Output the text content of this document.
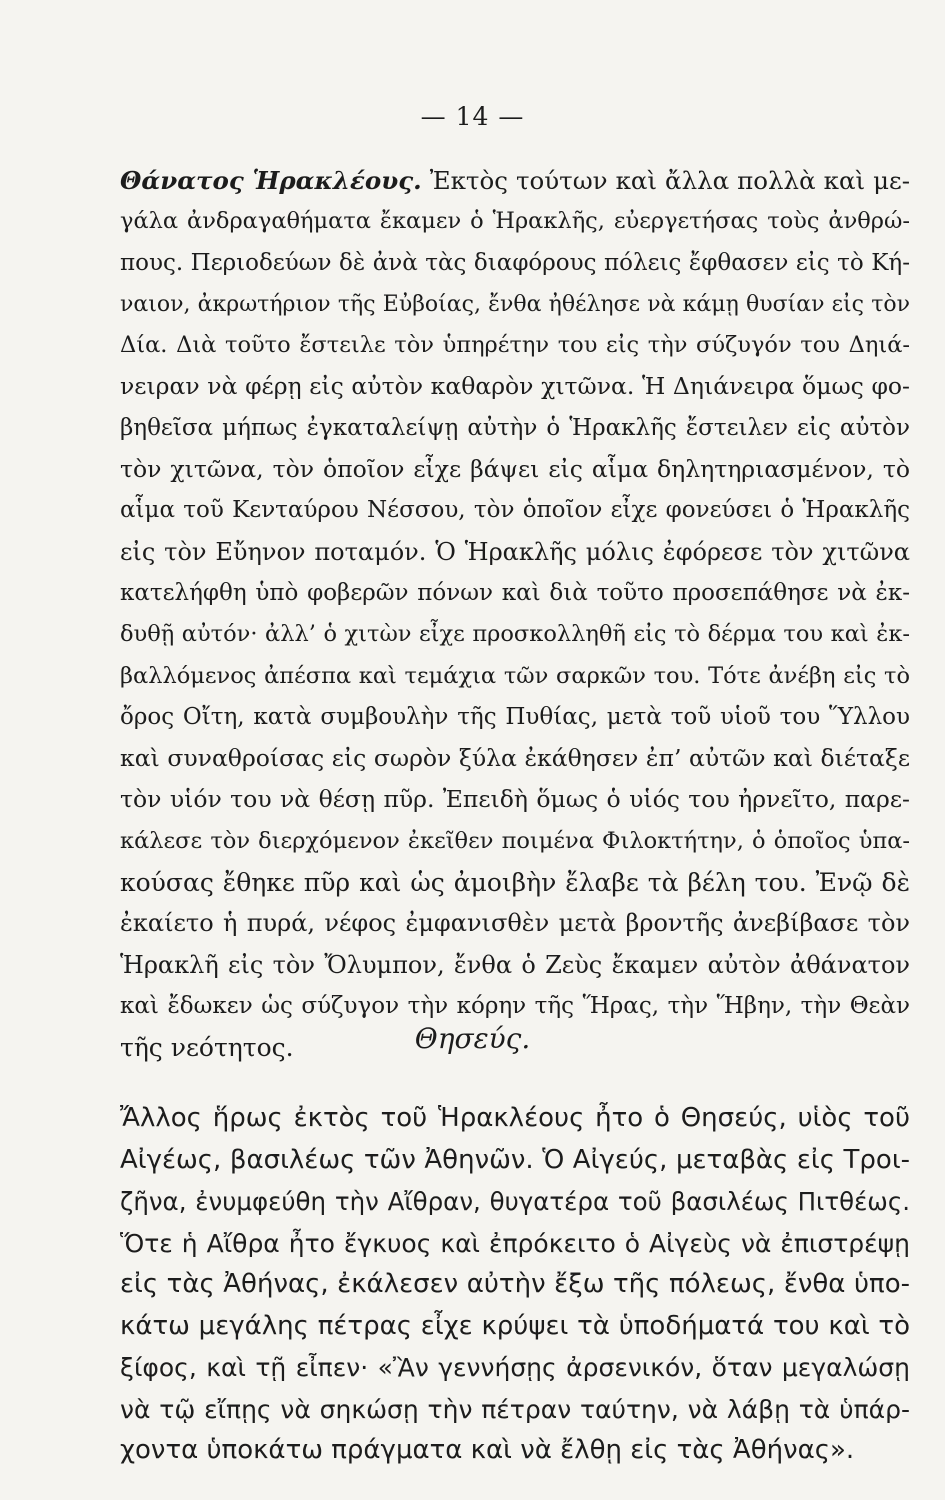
— 14 —
Θάνατος Ἡρακλέους. Ἐκτὸς τούτων καὶ ἄλλα πολλὰ καὶ με-
γάλα ἀνδραγαθήματα ἔκαμεν ὁ Ἡρακλῆς, εὐεργετήσας τοὺς ἀνθρώ-
πους. Περιοδεύων δὲ ἀνὰ τὰς διαφόρους πόλεις ἔφθασεν εἰς τὸ Κή-
ναιον, ἀκρωτήριον τῆς Εὐβοίας, ἔνθα ἠθέλησε νὰ κάμῃ θυσίαν εἰς τὸν
Δία. Διὰ τοῦτο ἔστειλε τὸν ὑπηρέτην του εἰς τὴν σύζυγόν του Δηιά-
νειραν νὰ φέρῃ εἰς αὐτὸν καθαρὸν χιτῶνα. Ἡ Δηιάνειρα ὅμως φο-
βηθεῖσα μήπως ἐγκαταλείψῃ αὐτὴν ὁ Ἡρακλῆς ἔστειλεν εἰς αὐτὸν
τὸν χιτῶνα, τὸν ὁποῖον εἶχε βάψει εἰς αἷμα δηλητηριασμένον, τὸ
αἷμα τοῦ Κενταύρου Νέσσου, τὸν ὁποῖον εἶχε φονεύσει ὁ Ἡρακλῆς
εἰς τὸν Εὔηνον ποταμόν. Ὁ Ἡρακλῆς μόλις ἐφόρεσε τὸν χιτῶνα
κατελήφθη ὑπὸ φοβερῶν πόνων καὶ διὰ τοῦτο προσεπάθησε νὰ ἐκ-
δυθῇ αὐτόν· ἀλλ’ ὁ χιτὼν εἶχε προσκολληθῆ εἰς τὸ δέρμα του καὶ ἐκ-
βαλλόμενος ἀπέσπα καὶ τεμάχια τῶν σαρκῶν του. Τότε ἀνέβη εἰς τὸ
ὄρος Οἴτη, κατὰ συμβουλὴν τῆς Πυθίας, μετὰ τοῦ υἱοῦ του Ὕλλου
καὶ συναθροίσας εἰς σωρὸν ξύλα ἐκάθησεν ἐπ’ αὐτῶν καὶ διέταξε
τὸν υἱόν του νὰ θέσῃ πῦρ. Ἐπειδὴ ὅμως ὁ υἱός του ἠρνεῖτο, παρε-
κάλεσε τὸν διερχόμενον ἐκεῖθεν ποιμένα Φιλοκτήτην, ὁ ὁποῖος ὑπα-
κούσας ἔθηκε πῦρ καὶ ὡς ἀμοιβὴν ἔλαβε τὰ βέλη του. Ἐνῷ δὲ
ἐκαίετο ἡ πυρά, νέφος ἐμφανισθὲν μετὰ βροντῆς ἀνεβίβασε τὸν
Ἡρακλῆ εἰς τὸν Ὄλυμπον, ἔνθα ὁ Ζεὺς ἔκαμεν αὐτὸν ἀθάνατον
καὶ ἔδωκεν ὡς σύζυγον τὴν κόρην τῆς Ἥρας, τὴν Ἥβην, τὴν Θεὰν
τῆς νεότητος.	Θησεύς.
Ἄλλος ἥρως ἐκτὸς τοῦ Ἡρακλέους ἦτο ὁ Θησεύς, υἱὸς τοῦ
Αἰγέως, βασιλέως τῶν Ἀθηνῶν. Ὁ Αἰγεύς, μεταβὰς εἰς Τροι-
ζῆνα, ἐνυμφεύθη τὴν Αἴθραν, θυγατέρα τοῦ βασιλέως Πιτθέως.
Ὅτε ἡ Αἴθρα ἦτο ἔγκυος καὶ ἐπρόκειτο ὁ Αἰγεὺς νὰ ἐπιστρέψῃ
εἰς τὰς Ἀθήνας, ἐκάλεσεν αὐτὴν ἔξω τῆς πόλεως, ἔνθα ὑπο-
κάτω μεγάλης πέτρας εἶχε κρύψει τὰ ὑποδήματά του καὶ τὸ
ξίφος, καὶ τῇ εἶπεν· «Ἂν γεννήσῃς ἀρσενικόν, ὅταν μεγαλώσῃ
νὰ τῷ εἴπῃς νὰ σηκώσῃ τὴν πέτραν ταύτην, νὰ λάβῃ τὰ ὑπάρ-
χοντα ὑποκάτω πράγματα καὶ νὰ ἔλθῃ εἰς τὰς Ἀθήνας».
